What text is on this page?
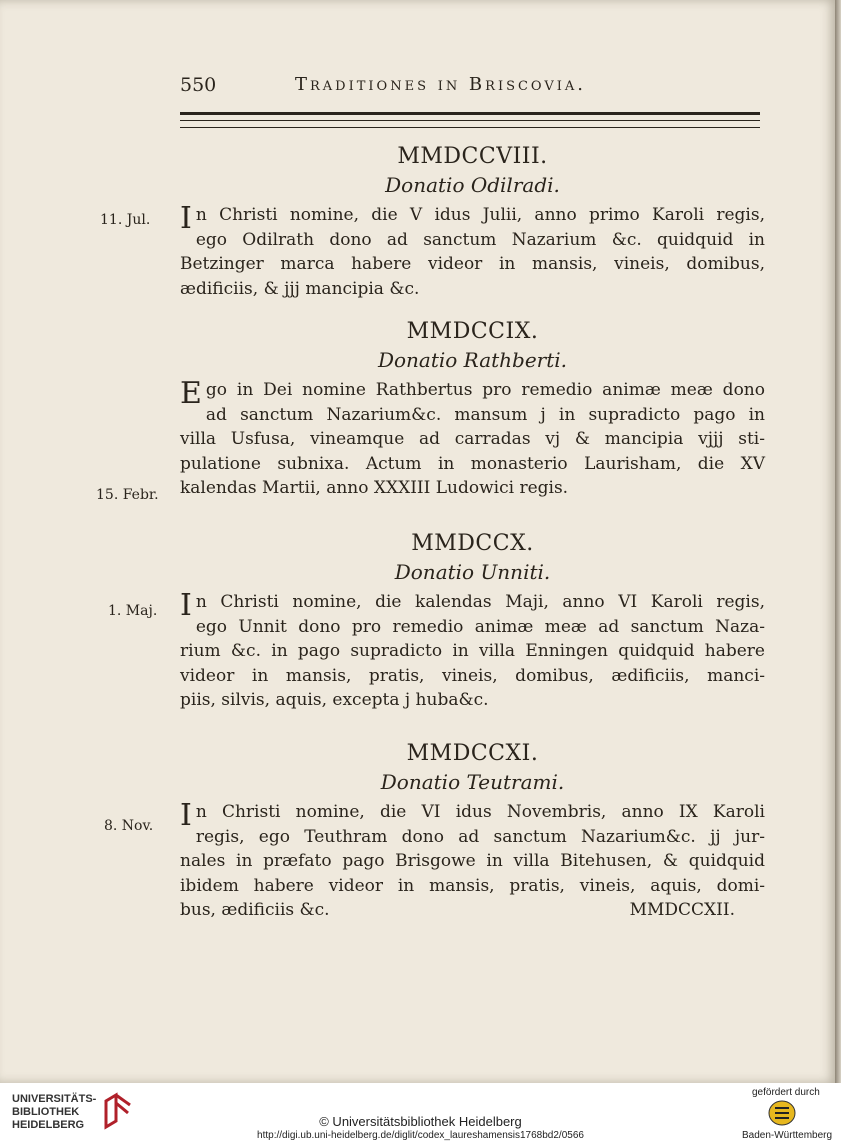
550	Traditiones in Briscovia.
11. Jul.
MMDCCVIII.
Donatio Odilradi.
I n Christi nomine, die V idus Julii, anno primo Karoli regis,
ego Odilrath dono ad sanctum Nazarium &c. quidquid in
Betzinger marca habere videor in mansis, vineis, domibus,
ædificiis, & jjj mancipia &c.
15. Febr.
MMDCCIX.
Donatio Rathberti.
E go in Dei nomine Rathbertus pro remedio animæ meæ dono
ad sanctum Nazarium&c. mansum j in supradicto pago in
villa Usfusa, vineamque ad carradas vj & mancipia vjjj sti-
pulatione subnixa. Actum in monasterio Laurisham, die XV
kalendas Martii, anno XXXIII Ludowici regis.
1. Maj.
MMDCCX.
Donatio Unniti.
I n Christi nomine, die kalendas Maji, anno VI Karoli regis,
ego Unnit dono pro remedio animæ meæ ad sanctum Naza-
rium &c. in pago supradicto in villa Enningen quidquid habere
videor in mansis, pratis, vineis, domibus, ædificiis, manci-
piis, silvis, aquis, excepta j huba&c.
8. Nov.
MMDCCXI.
Donatio Teutrami.
I n Christi nomine, die VI idus Novembris, anno IX Karoli
regis, ego Teuthram dono ad sanctum Nazarium&c. jj jur-
nales in præfato pago Brisgowe in villa Bitehusen, & quidquid
ibidem habere videor in mansis, pratis, vineis, aquis, domi-
bus, ædificiis &c.	MMDCCXII.
UNIVERSITÄTS-
BIBLIOTHEK
HEIDELBERG	© Universitätsbibliothek Heidelberg
http://digi.ub.uni-heidelberg.de/diglit/codex_laureshamensis1768bd2/0566
gefördert durch
Baden-Württemberg
